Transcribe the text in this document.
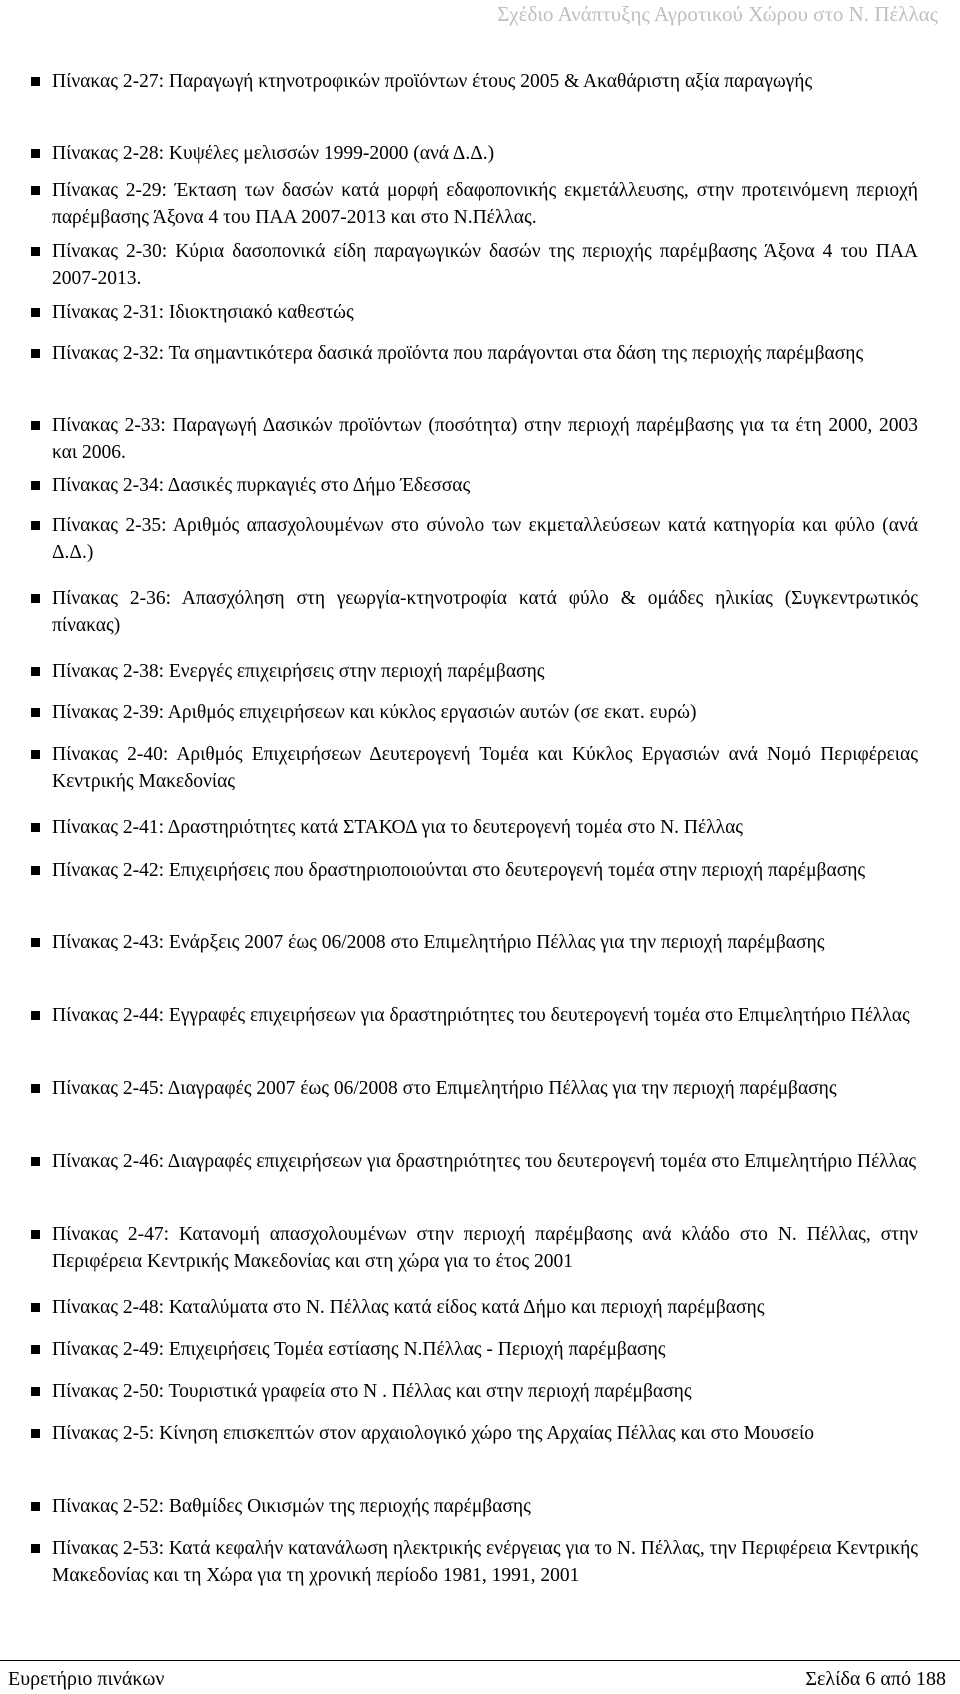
Σχέδιο Ανάπτυξης Αγροτικού Χώρου στο Ν. Πέλλας

Πίνακας 2-27: Παραγωγή κτηνοτροφικών προϊόντων έτους 2005 & Ακαθάριστη αξία παραγωγής

Πίνακας 2-28: Κυψέλες μελισσών 1999-2000 (ανά Δ.Δ.)

Πίνακας 2-29: Έκταση των δασών κατά μορφή εδαφοπονικής εκμετάλλευσης, στην προτεινόμενη περιοχή παρέμβασης Άξονα 4 του ΠΑΑ 2007-2013 και στο Ν.Πέλλας.

Πίνακας 2-30: Κύρια δασοπονικά είδη παραγωγικών δασών της περιοχής παρέμβασης Άξονα 4 του ΠΑΑ 2007-2013.

Πίνακας 2-31: Ιδιοκτησιακό καθεστώς

Πίνακας 2-32: Τα σημαντικότερα δασικά προϊόντα που παράγονται στα δάση της περιοχής παρέμβασης

Πίνακας 2-33: Παραγωγή Δασικών προϊόντων (ποσότητα) στην περιοχή παρέμβασης για τα έτη 2000, 2003 και 2006.

Πίνακας 2-34: Δασικές πυρκαγιές στο Δήμο Έδεσσας

Πίνακας 2-35: Αριθμός απασχολουμένων στο σύνολο των εκμεταλλεύσεων κατά κατηγορία και φύλο (ανά Δ.Δ.)

Πίνακας 2-36: Απασχόληση στη γεωργία-κτηνοτροφία κατά φύλο & ομάδες ηλικίας (Συγκεντρωτικός πίνακας)

Πίνακας 2-38: Ενεργές επιχειρήσεις στην περιοχή παρέμβασης

Πίνακας 2-39: Αριθμός επιχειρήσεων και κύκλος εργασιών αυτών (σε εκατ. ευρώ)

Πίνακας 2-40: Αριθμός Επιχειρήσεων Δευτερογενή Τομέα και Κύκλος Εργασιών ανά Νομό Περιφέρειας Κεντρικής Μακεδονίας

Πίνακας 2-41: Δραστηριότητες κατά ΣΤΑΚΟΔ για το δευτερογενή τομέα στο Ν. Πέλλας

Πίνακας 2-42: Επιχειρήσεις που δραστηριοποιούνται στο δευτερογενή τομέα στην περιοχή παρέμβασης

Πίνακας 2-43: Ενάρξεις 2007 έως 06/2008 στο Επιμελητήριο Πέλλας για την περιοχή παρέμβασης

Πίνακας 2-44: Εγγραφές επιχειρήσεων για δραστηριότητες του δευτερογενή τομέα στο Επιμελητήριο Πέλλας

Πίνακας 2-45: Διαγραφές 2007 έως 06/2008 στο Επιμελητήριο Πέλλας για την περιοχή παρέμβασης

Πίνακας 2-46: Διαγραφές επιχειρήσεων για δραστηριότητες του δευτερογενή τομέα στο Επιμελητήριο Πέλλας

Πίνακας 2-47: Κατανομή απασχολουμένων στην περιοχή παρέμβασης ανά κλάδο στο Ν. Πέλλας, στην Περιφέρεια Κεντρικής Μακεδονίας και στη χώρα για το έτος 2001

Πίνακας 2-48: Καταλύματα στο Ν. Πέλλας κατά είδος κατά Δήμο και περιοχή παρέμβασης

Πίνακας 2-49: Επιχειρήσεις Τομέα εστίασης Ν.Πέλλας - Περιοχή παρέμβασης

Πίνακας 2-50: Τουριστικά γραφεία στο Ν . Πέλλας και στην περιοχή παρέμβασης

Πίνακας 2-5: Κίνηση επισκεπτών στον αρχαιολογικό χώρο της Αρχαίας Πέλλας και στο Μουσείο

Πίνακας 2-52: Βαθμίδες Οικισμών της περιοχής παρέμβασης

Πίνακας 2-53: Κατά κεφαλήν κατανάλωση ηλεκτρικής ενέργειας για το Ν. Πέλλας, την Περιφέρεια Κεντρικής Μακεδονίας και τη Χώρα για τη χρονική περίοδο 1981, 1991, 2001

Ευρετήριο πινάκων	Σελίδα 6 από 188
